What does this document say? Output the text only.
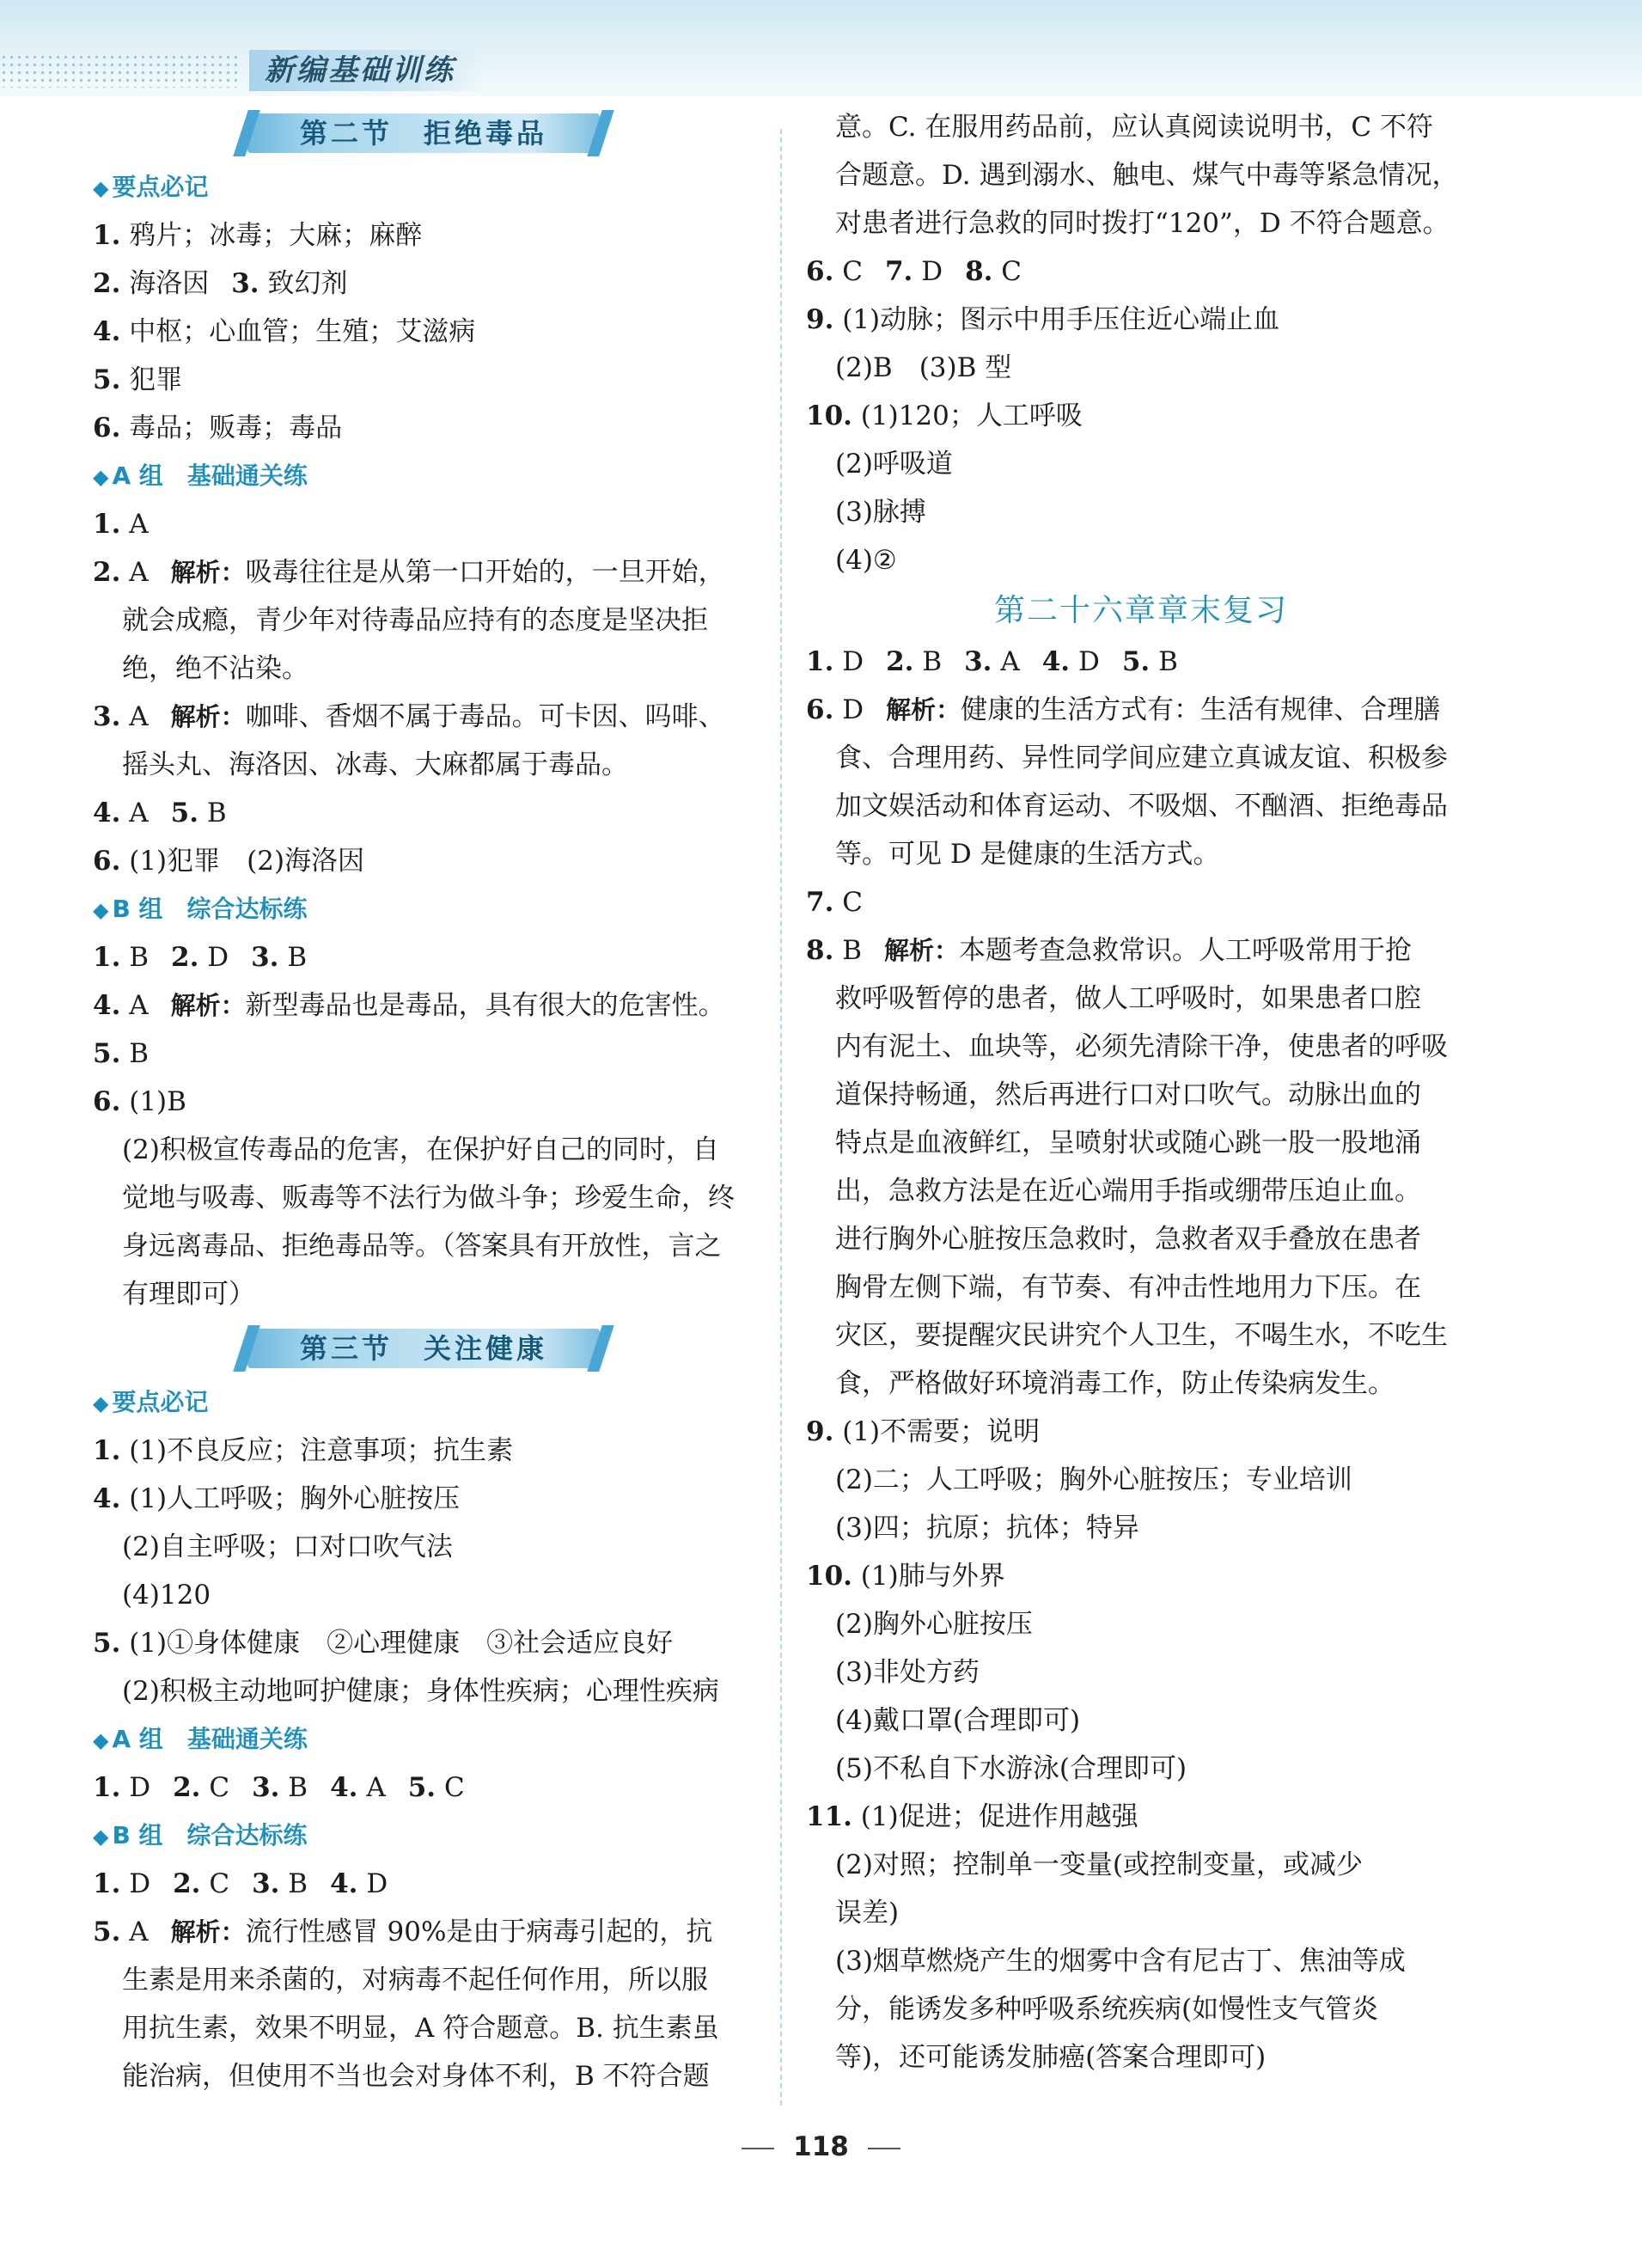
新编基础训练
第二节　拒绝毒品
◆ 要点必记
1. 鸦片；冰毒；大麻；麻醉
2. 海洛因 3. 致幻剂
4. 中枢；心血管；生殖；艾滋病
5. 犯罪
6. 毒品；贩毒；毒品
◆ A 组　基础通关练
1. A
2. A 解析：吸毒往往是从第一口开始的，一旦开始，
就会成瘾，青少年对待毒品应持有的态度是坚决拒
绝，绝不沾染。
3. A 解析：咖啡、香烟不属于毒品。可卡因、吗啡、
摇头丸、海洛因、冰毒、大麻都属于毒品。
4. A 5. B
6. (1)犯罪　(2)海洛因
◆ B 组　综合达标练
1. B 2. D 3. B
4. A 解析：新型毒品也是毒品，具有很大的危害性。
5. B
6. (1)B
(2)积极宣传毒品的危害，在保护好自己的同时，自
觉地与吸毒、贩毒等不法行为做斗争；珍爱生命，终
身远离毒品、拒绝毒品等。（答案具有开放性，言之
有理即可）
第三节　关注健康
◆ 要点必记
1. (1)不良反应；注意事项；抗生素
4. (1)人工呼吸；胸外心脏按压
(2)自主呼吸；口对口吹气法
(4)120
5. (1)①身体健康　②心理健康　③社会适应良好
(2)积极主动地呵护健康；身体性疾病；心理性疾病
◆ A 组　基础通关练
1. D 2. C 3. B 4. A 5. C
◆ B 组　综合达标练
1. D 2. C 3. B 4. D
5. A 解析：流行性感冒 90%是由于病毒引起的，抗
生素是用来杀菌的，对病毒不起任何作用，所以服
用抗生素，效果不明显，A 符合题意。B. 抗生素虽
能治病，但使用不当也会对身体不利，B 不符合题
意。C. 在服用药品前，应认真阅读说明书，C 不符
合题意。D. 遇到溺水、触电、煤气中毒等紧急情况，
对患者进行急救的同时拨打“120”，D 不符合题意。
6. C 7. D 8. C
9. (1)动脉；图示中用手压住近心端止血
(2)B　(3)B 型
10. (1)120；人工呼吸
(2)呼吸道
(3)脉搏
(4)②
第二十六章章末复习
1. D 2. B 3. A 4. D 5. B
6. D 解析：健康的生活方式有：生活有规律、合理膳
食、合理用药、异性同学间应建立真诚友谊、积极参
加文娱活动和体育运动、不吸烟、不酗酒、拒绝毒品
等。可见 D 是健康的生活方式。
7. C
8. B 解析：本题考查急救常识。人工呼吸常用于抢
救呼吸暂停的患者，做人工呼吸时，如果患者口腔
内有泥土、血块等，必须先清除干净，使患者的呼吸
道保持畅通，然后再进行口对口吹气。动脉出血的
特点是血液鲜红，呈喷射状或随心跳一股一股地涌
出，急救方法是在近心端用手指或绷带压迫止血。
进行胸外心脏按压急救时，急救者双手叠放在患者
胸骨左侧下端，有节奏、有冲击性地用力下压。在
灾区，要提醒灾民讲究个人卫生，不喝生水，不吃生
食，严格做好环境消毒工作，防止传染病发生。
9. (1)不需要；说明
(2)二；人工呼吸；胸外心脏按压；专业培训
(3)四；抗原；抗体；特异
10. (1)肺与外界
(2)胸外心脏按压
(3)非处方药
(4)戴口罩(合理即可)
(5)不私自下水游泳(合理即可)
11. (1)促进；促进作用越强
(2)对照；控制单一变量(或控制变量，或减少
误差)
(3)烟草燃烧产生的烟雾中含有尼古丁、焦油等成
分，能诱发多种呼吸系统疾病(如慢性支气管炎
等)，还可能诱发肺癌(答案合理即可)
118
